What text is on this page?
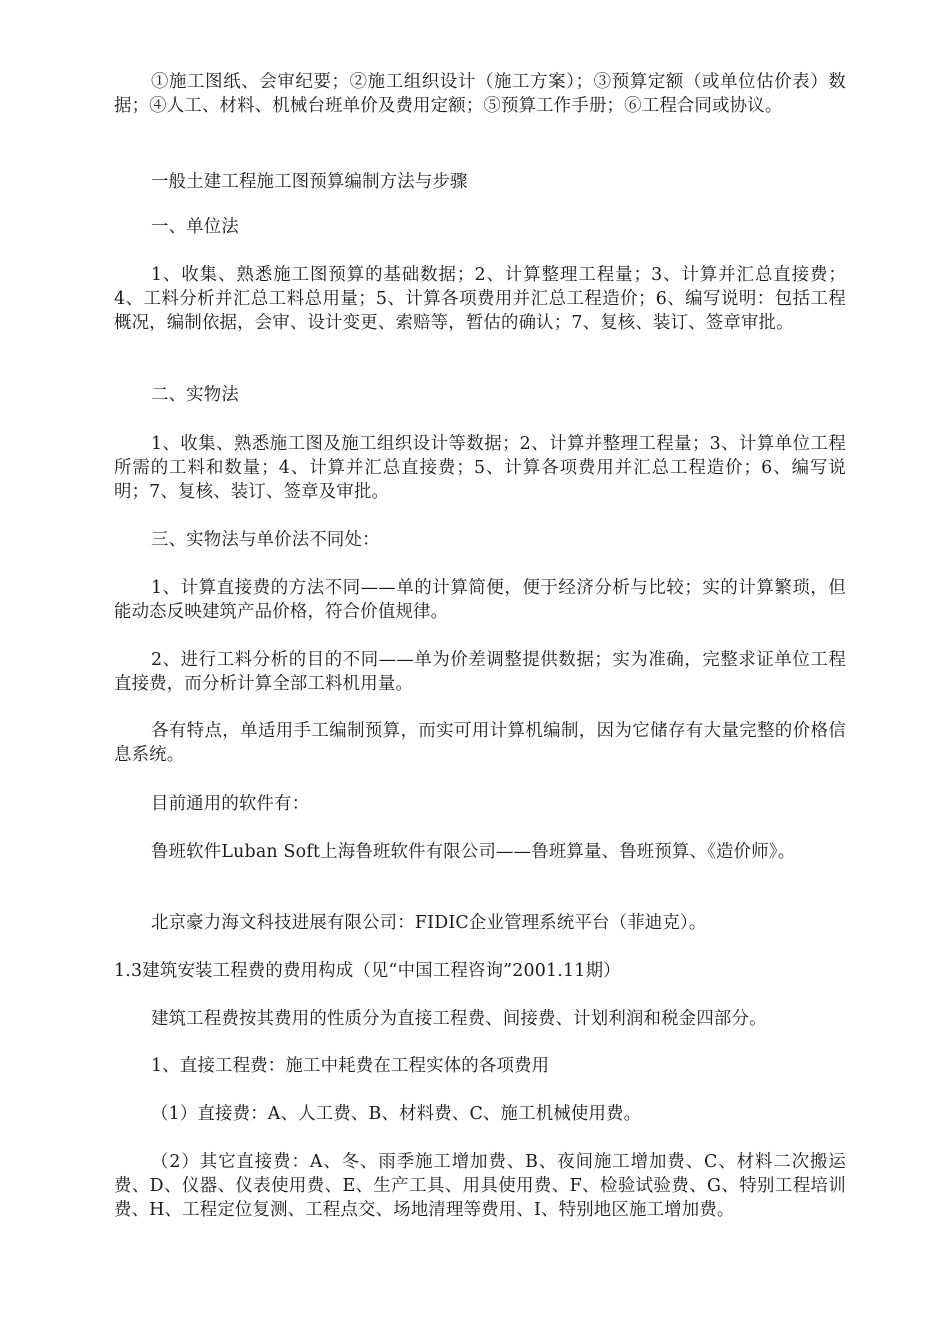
①施工图纸、会审纪要；②施工组织设计（施工方案）；③预算定额（或单位估价表）数据；④人工、材料、机械台班单价及费用定额；⑤预算工作手册；⑥工程合同或协议。

一般土建工程施工图预算编制方法与步骤

一、单位法

1、收集、熟悉施工图预算的基础数据；2、计算整理工程量；3、计算并汇总直接费；4、工料分析并汇总工料总用量；5、计算各项费用并汇总工程造价；6、编写说明：包括工程概况，编制依据，会审、设计变更、索赔等，暂估的确认；7、复核、装订、签章审批。

二、实物法

1、收集、熟悉施工图及施工组织设计等数据；2、计算并整理工程量；3、计算单位工程所需的工料和数量；4、计算并汇总直接费；5、计算各项费用并汇总工程造价；6、编写说明；7、复核、装订、签章及审批。

三、实物法与单价法不同处：

1、计算直接费的方法不同——单的计算简便，便于经济分析与比较；实的计算繁琐，但能动态反映建筑产品价格，符合价值规律。

2、进行工料分析的目的不同——单为价差调整提供数据；实为准确，完整求证单位工程直接费，而分析计算全部工料机用量。

各有特点，单适用手工编制预算，而实可用计算机编制，因为它储存有大量完整的价格信息系统。

目前通用的软件有：

鲁班软件Luban Soft上海鲁班软件有限公司——鲁班算量、鲁班预算、《造价师》。

北京豪力海文科技进展有限公司：FIDIC企业管理系统平台（菲迪克）。

1.3建筑安装工程费的费用构成（见“中国工程咨询”2001.11期）

建筑工程费按其费用的性质分为直接工程费、间接费、计划利润和税金四部分。

1、直接工程费：施工中耗费在工程实体的各项费用

（1）直接费：A、人工费、B、材料费、C、施工机械使用费。

（2）其它直接费：A、冬、雨季施工增加费、B、夜间施工增加费、C、材料二次搬运费、D、仪器、仪表使用费、E、生产工具、用具使用费、F、检验试验费、G、特别工程培训费、H、工程定位复测、工程点交、场地清理等费用、I、特别地区施工增加费。
